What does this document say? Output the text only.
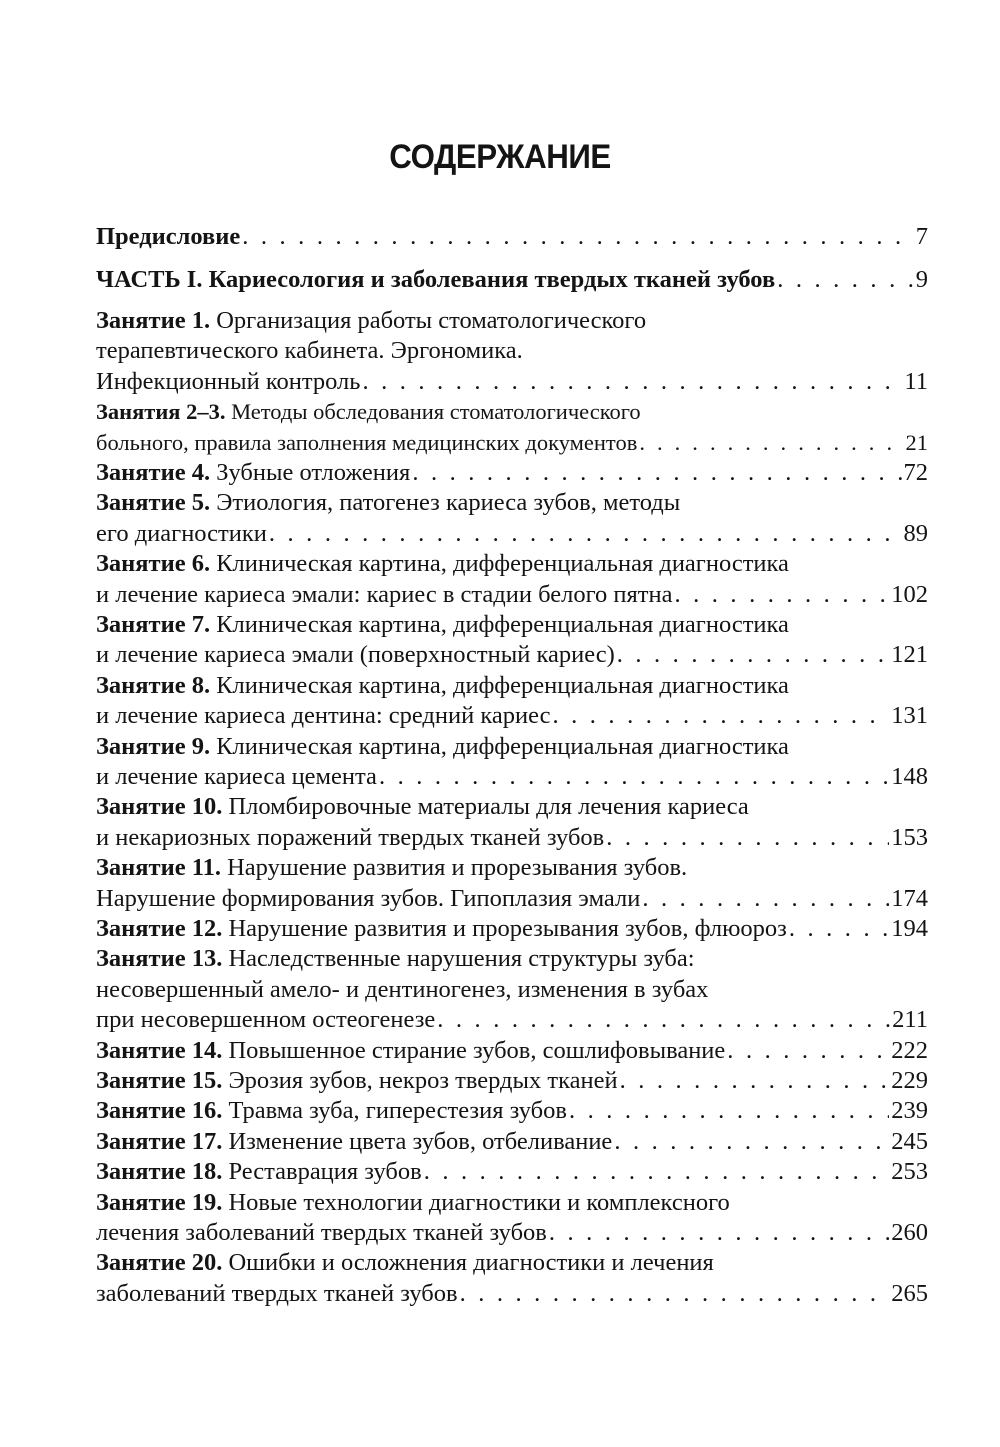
СОДЕРЖАНИЕ
Предисловие . . .	7
ЧАСТЬ I. Кариесология и заболевания твердых тканей зубов . . .	9
Занятие 1. Организация работы стоматологического
терапевтического кабинета. Эргономика.
Инфекционный контроль . . .	11
Занятия 2–3. Методы обследования стоматологического
больного, правила заполнения медицинских документов . . .	21
Занятие 4. Зубные отложения . . .	72
Занятие 5. Этиология, патогенез кариеса зубов, методы
его диагностики . . .	89
Занятие 6. Клиническая картина, дифференциальная диагностика
и лечение кариеса эмали: кариес в стадии белого пятна . . .	102
Занятие 7. Клиническая картина, дифференциальная диагностика
и лечение кариеса эмали (поверхностный кариес) . . .	121
Занятие 8. Клиническая картина, дифференциальная диагностика
и лечение кариеса дентина: средний кариес . . .	131
Занятие 9. Клиническая картина, дифференциальная диагностика
и лечение кариеса цемента . . .	148
Занятие 10. Пломбировочные материалы для лечения кариеса
и некариозных поражений твердых тканей зубов . . .	153
Занятие 11. Нарушение развития и прорезывания зубов.
Нарушение формирования зубов. Гипоплазия эмали . . .	174
Занятие 12. Нарушение развития и прорезывания зубов, флюороз . . .	194
Занятие 13. Наследственные нарушения структуры зуба:
несовершенный амело- и дентиногенез, изменения в зубах
при несовершенном остеогенезе . . .	211
Занятие 14. Повышенное стирание зубов, сошлифовывание . . .	222
Занятие 15. Эрозия зубов, некроз твердых тканей . . .	229
Занятие 16. Травма зуба, гиперестезия зубов . . .	239
Занятие 17. Изменение цвета зубов, отбеливание . . .	245
Занятие 18. Реставрация зубов . . .	253
Занятие 19. Новые технологии диагностики и комплексного
лечения заболеваний твердых тканей зубов . . .	260
Занятие 20. Ошибки и осложнения диагностики и лечения
заболеваний твердых тканей зубов . . .	265
